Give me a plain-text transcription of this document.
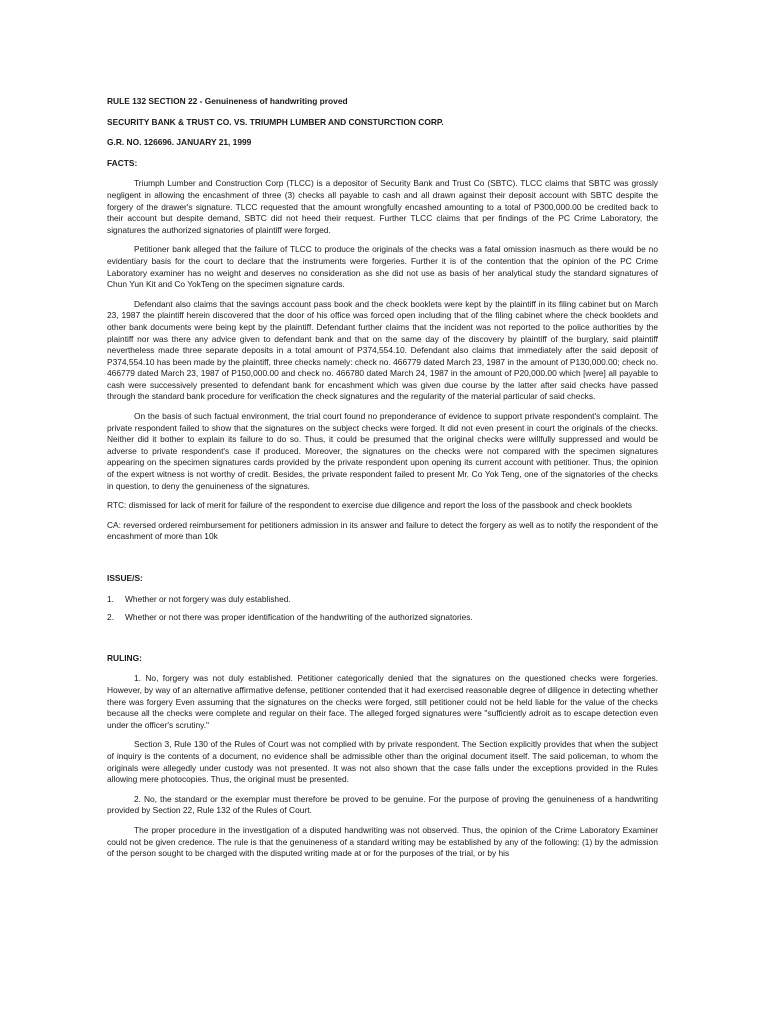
RULE 132 SECTION 22 - Genuineness of handwriting proved

SECURITY BANK & TRUST CO. VS. TRIUMPH LUMBER AND CONSTURCTION CORP.

G.R. NO. 126696. JANUARY 21, 1999

FACTS:

Triumph Lumber and Construction Corp (TLCC) is a depositor of Security Bank and Trust Co (SBTC). TLCC claims that SBTC was grossly negligent in allowing the encashment of three (3) checks all payable to cash and all drawn against their deposit account with SBTC despite the forgery of the drawer's signature. TLCC requested that the amount wrongfully encashed amounting to a total of P300,000.00 be credited back to their account but despite demand, SBTC did not heed their request. Further TLCC claims that per findings of the PC Crime Laboratory, the signatures the authorized signatories of plaintiff were forged.

Petitioner bank alleged that the failure of TLCC to produce the originals of the checks was a fatal omission inasmuch as there would be no evidentiary basis for the court to declare that the instruments were forgeries. Further it is of the contention that the opinion of the PC Crime Laboratory examiner has no weight and deserves no consideration as she did not use as basis of her analytical study the standard signatures of Chun Yun Kit and Co YokTeng on the specimen signature cards.

Defendant also claims that the savings account pass book and the check booklets were kept by the plaintiff in its filing cabinet but on March 23, 1987 the plaintiff herein discovered that the door of his office was forced open including that of the filing cabinet where the check booklets and other bank documents were being kept by the plaintiff. Defendant further claims that the incident was not reported to the police authorities by the plaintiff nor was there any advice given to defendant bank and that on the same day of the discovery by plaintiff of the burglary, said plaintiff nevertheless made three separate deposits in a total amount of P374,554.10. Defendant also claims that immediately after the said deposit of P374,554.10 has been made by the plaintiff, three checks namely: check no. 466779 dated March 23, 1987 in the amount of P130,000.00; check no. 466779 dated March 23, 1987 of P150,000.00 and check no. 466780 dated March 24, 1987 in the amount of P20,000.00 which [were] all payable to cash were successively presented to defendant bank for encashment which was given due course by the latter after said checks have passed through the standard bank procedure for verification the check signatures and the regularity of the material particular of said checks.

On the basis of such factual environment, the trial court found no preponderance of evidence to support private respondent's complaint. The private respondent failed to show that the signatures on the subject checks were forged. It did not even present in court the originals of the checks. Neither did it bother to explain its failure to do so. Thus, it could be presumed that the original checks were willfully suppressed and would be adverse to private respondent's case if produced. Moreover, the signatures on the checks were not compared with the specimen signatures appearing on the specimen signatures cards provided by the private respondent upon opening its current account with petitioner. Thus, the opinion of the expert witness is not worthy of credit. Besides, the private respondent failed to present Mr. Co Yok Teng, one of the signatories of the checks in question, to deny the genuineness of the signatures.

RTC: dismissed for lack of merit for failure of the respondent to exercise due diligence and report the loss of the passbook and check booklets

CA: reversed ordered reimbursement for petitioners admission in its answer and failure to detect the forgery as well as to notify the respondent of the encashment of more than 10k

ISSUE/S:

1.	Whether or not forgery was duly established.
2.	Whether or not there was proper identification of the handwriting of the authorized signatories.

RULING:

1. No, forgery was not duly established. Petitioner categorically denied that the signatures on the questioned checks were forgeries. However, by way of an alternative affirmative defense, petitioner contended that it had exercised reasonable degree of diligence in detecting whether there was forgery Even assuming that the signatures on the checks were forged, still petitioner could not be held liable for the value of the checks because all the checks were complete and regular on their face. The alleged forged signatures were "sufficiently adroit as to escape detection even under the officer's scrutiny."

Section 3, Rule 130 of the Rules of Court was not complied with by private respondent. The Section explicitly provides that when the subject of inquiry is the contents of a document, no evidence shall be admissible other than the original document itself. The said policeman, to whom the originals were allegedly under custody was not presented. It was not also shown that the case falls under the exceptions provided in the Rules allowing mere photocopies. Thus, the original must be presented.

2. No, the standard or the exemplar must therefore be proved to be genuine. For the purpose of proving the genuineness of a handwriting provided by Section 22, Rule 132 of the Rules of Court.

The proper procedure in the investigation of a disputed handwriting was not observed. Thus, the opinion of the Crime Laboratory Examiner could not be given credence. The rule is that the genuineness of a standard writing may be established by any of the following: (1) by the admission of the person sought to be charged with the disputed writing made at or for the purposes of the trial, or by his
